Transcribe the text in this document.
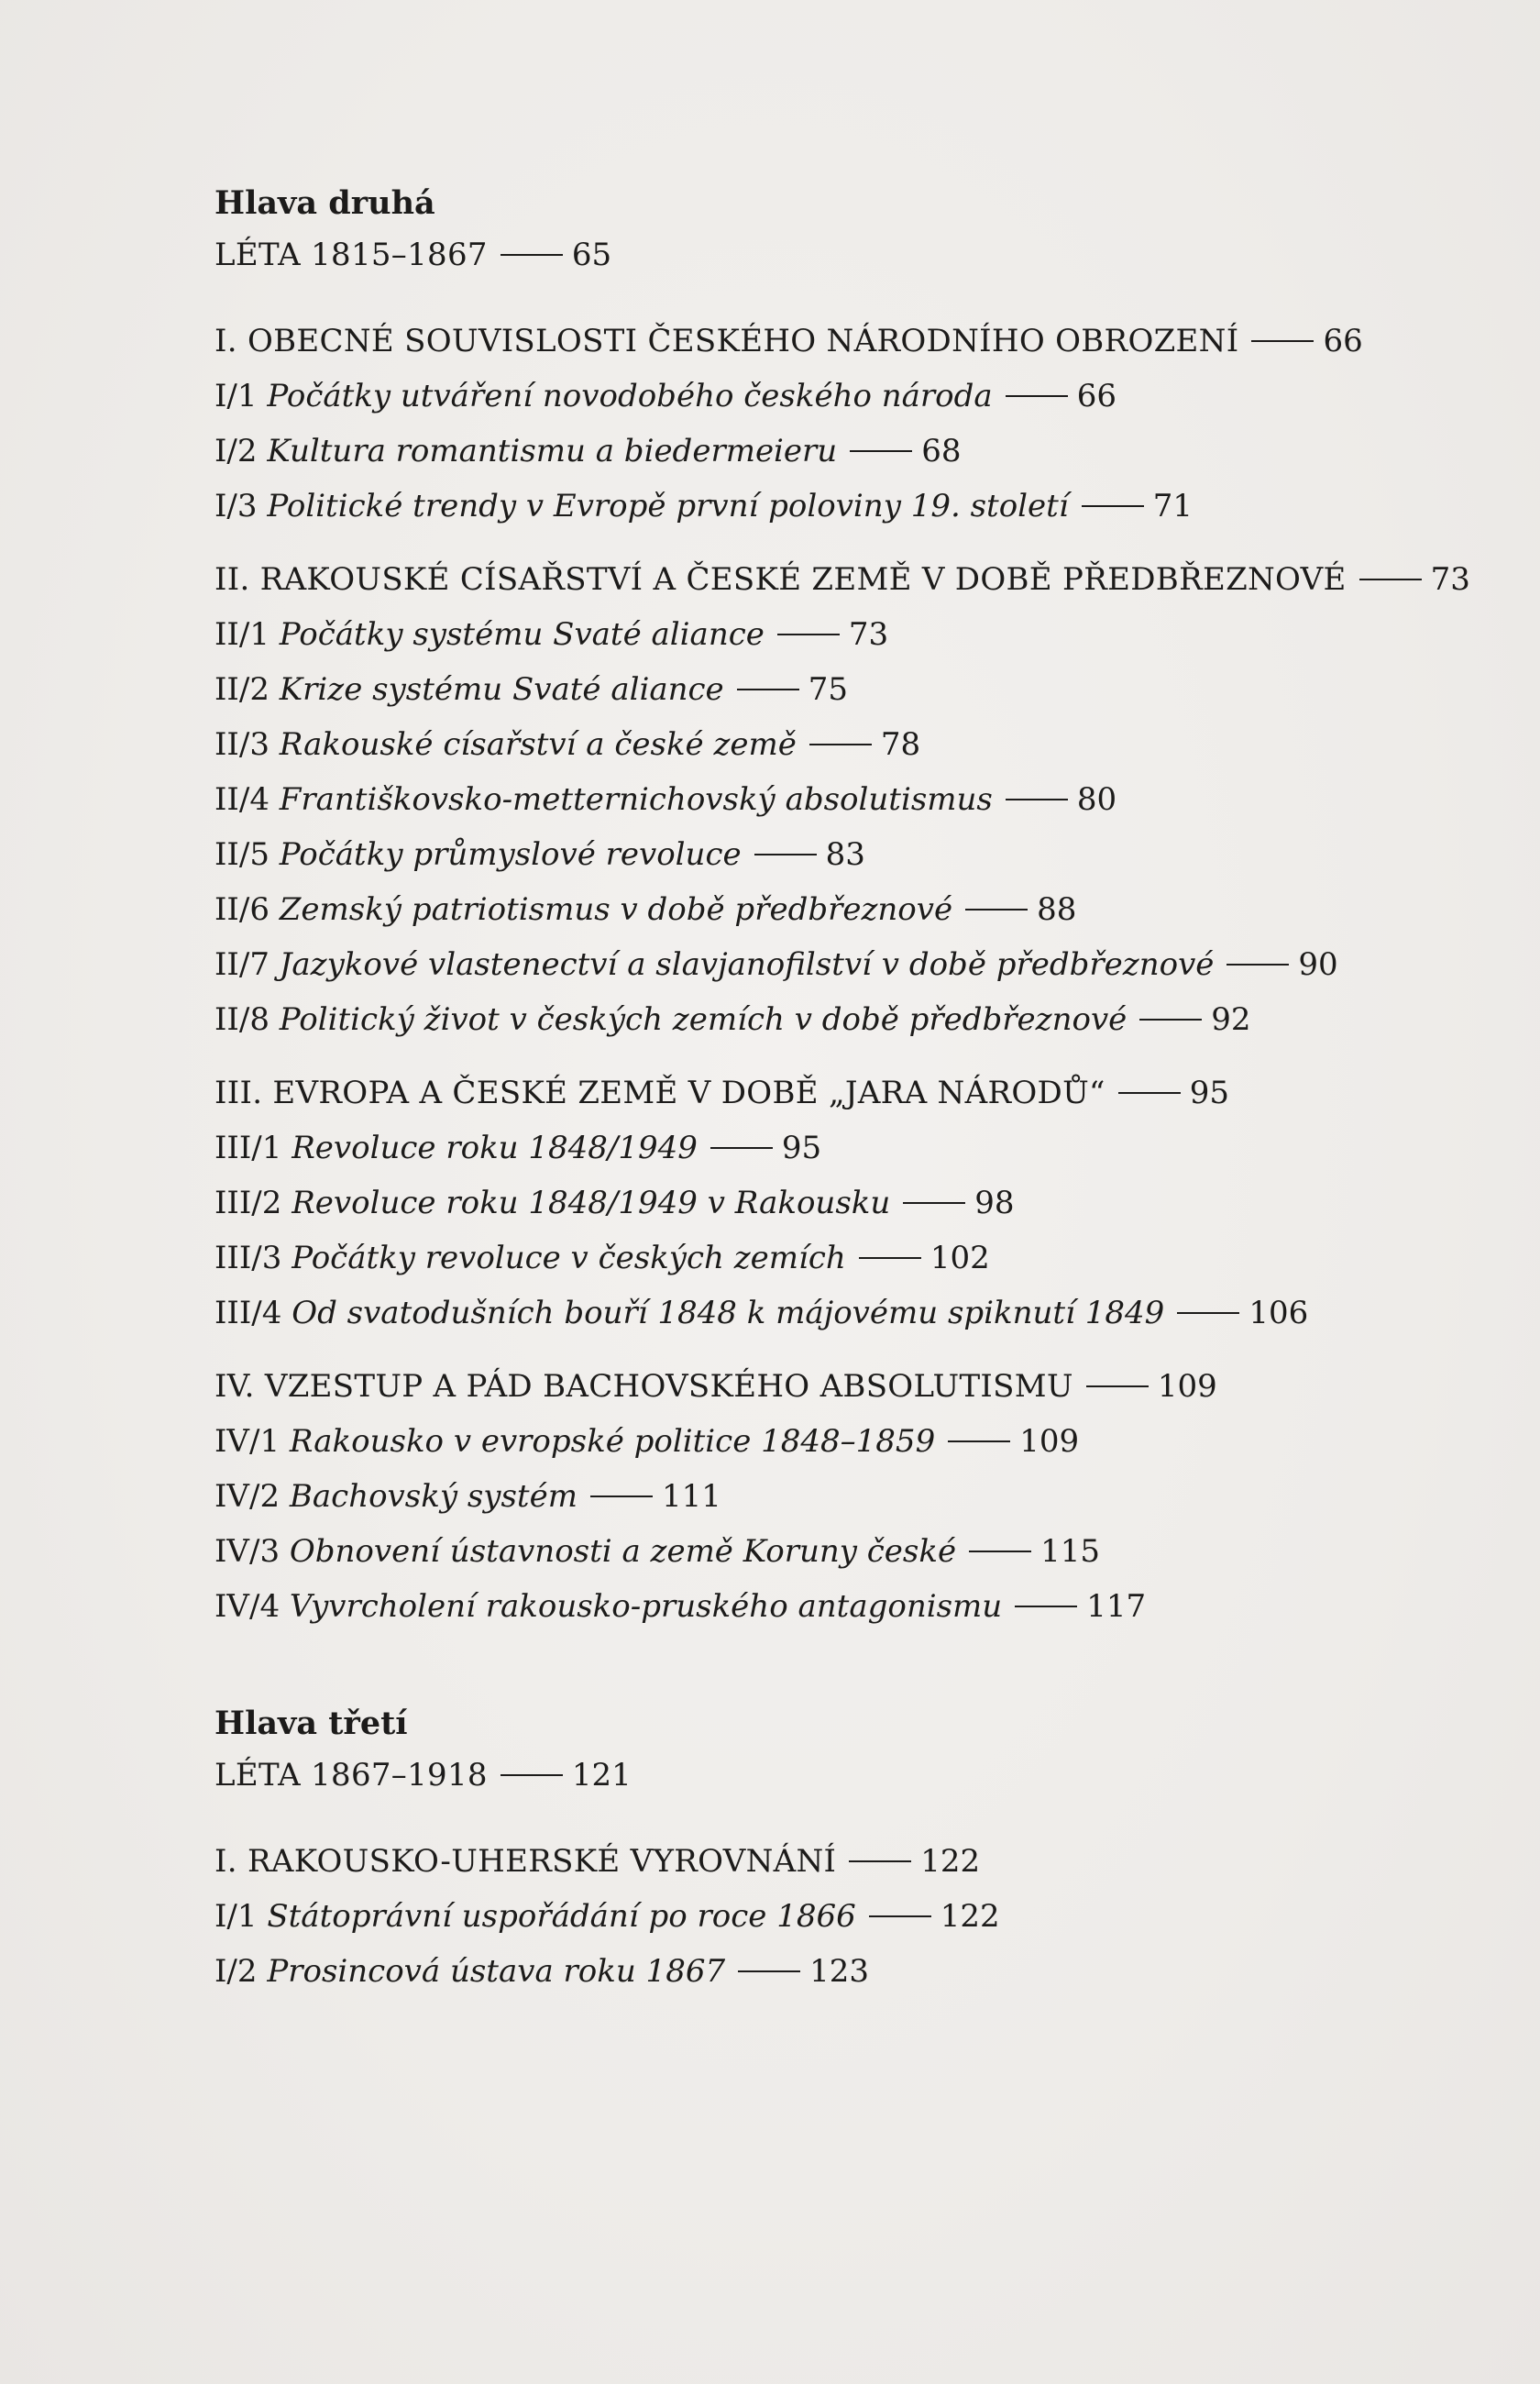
Hlava druhá
LÉTA 1815–1867	65
I. OBECNÉ SOUVISLOSTI ČESKÉHO NÁRODNÍHO OBROZENÍ	66
I/1 Počátky utváření novodobého českého národa	66
I/2 Kultura romantismu a biedermeieru	68
I/3 Politické trendy v Evropě první poloviny 19. století	71
II. RAKOUSKÉ CÍSAŘSTVÍ A ČESKÉ ZEMĚ V DOBĚ PŘEDBŘEZNOVÉ	73
II/1 Počátky systému Svaté aliance	73
II/2 Krize systému Svaté aliance	75
II/3 Rakouské císařství a české země	78
II/4 Františkovsko-metternichovský absolutismus	80
II/5 Počátky průmyslové revoluce	83
II/6 Zemský patriotismus v době předbřeznové	88
II/7 Jazykové vlastenectví a slavjanofilství v době předbřeznové	90
II/8 Politický život v českých zemích v době předbřeznové	92
III. EVROPA A ČESKÉ ZEMĚ V DOBĚ „JARA NÁRODŮ“	95
III/1 Revoluce roku 1848/1949	95
III/2 Revoluce roku 1848/1949 v Rakousku	98
III/3 Počátky revoluce v českých zemích	102
III/4 Od svatodušních bouří 1848 k májovému spiknutí 1849	106
IV. VZESTUP A PÁD BACHOVSKÉHO ABSOLUTISMU	109
IV/1 Rakousko v evropské politice 1848–1859	109
IV/2 Bachovský systém	111
IV/3 Obnovení ústavnosti a země Koruny české	115
IV/4 Vyvrcholení rakousko-pruského antagonismu	117
Hlava třetí
LÉTA 1867–1918	121
I. RAKOUSKO-UHERSKÉ VYROVNÁNÍ	122
I/1 Státoprávní uspořádání po roce 1866	122
I/2 Prosincová ústava roku 1867	123
